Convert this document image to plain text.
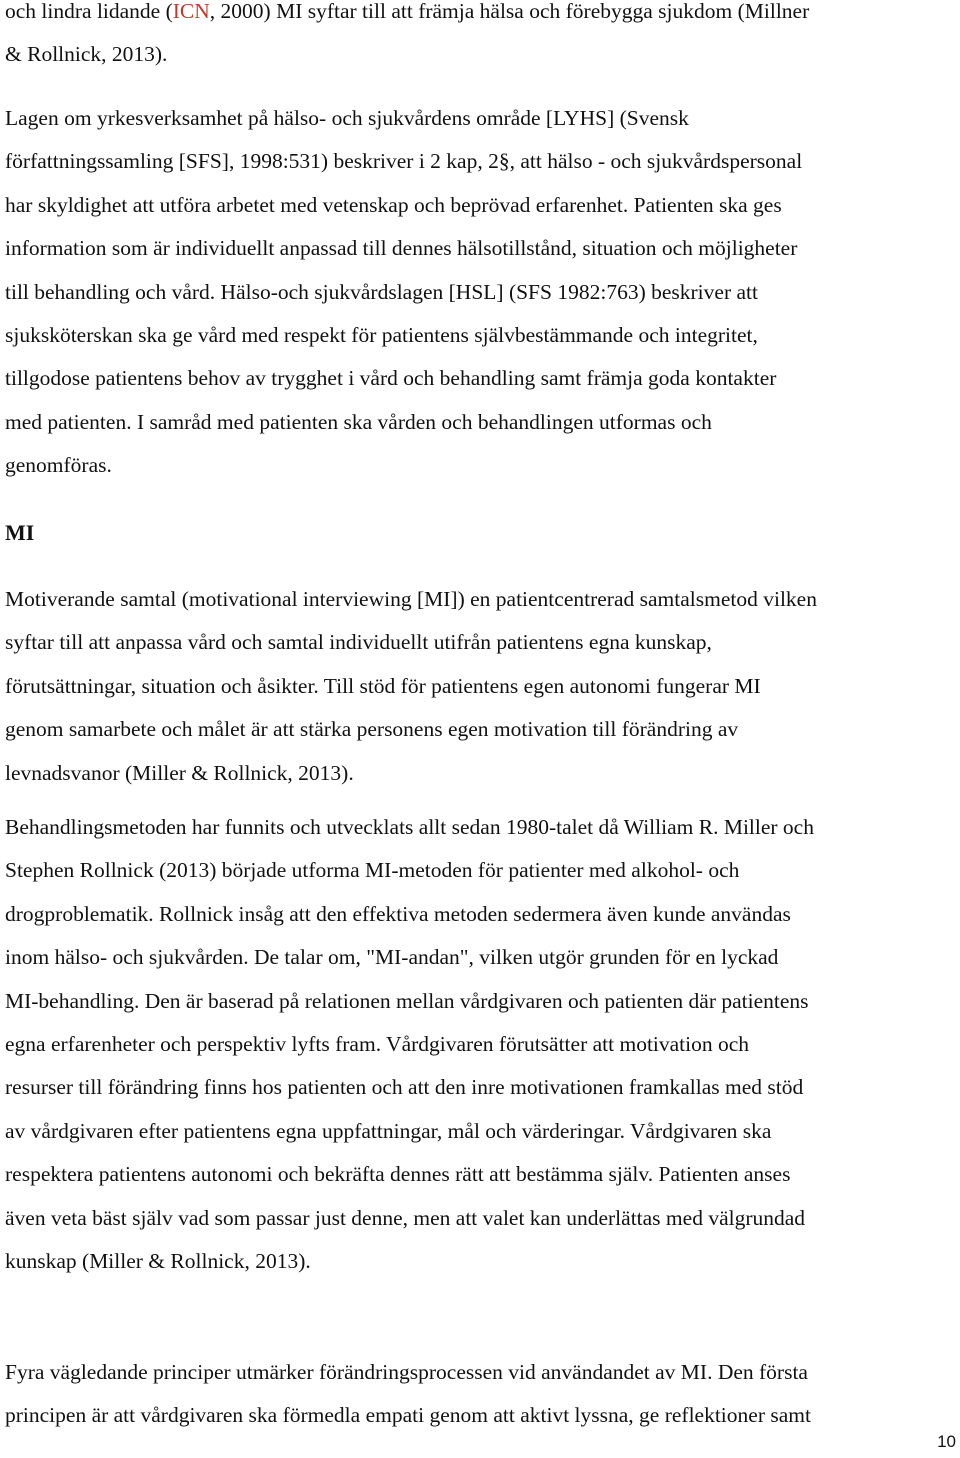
och lindra lidande (ICN, 2000) MI syftar till att främja hälsa och förebygga sjukdom (Millner
& Rollnick, 2013).
Lagen om yrkesverksamhet på hälso- och sjukvårdens område [LYHS] (Svensk
författningssamling [SFS], 1998:531) beskriver i 2 kap, 2§, att hälso - och sjukvårdspersonal
har skyldighet att utföra arbetet med vetenskap och beprövad erfarenhet. Patienten ska ges
information som är individuellt anpassad till dennes hälsotillstånd, situation och möjligheter
till behandling och vård. Hälso-och sjukvårdslagen [HSL] (SFS 1982:763) beskriver att
sjuksköterskan ska ge vård med respekt för patientens självbestämmande och integritet,
tillgodose patientens behov av trygghet i vård och behandling samt främja goda kontakter
med patienten. I samråd med patienten ska vården och behandlingen utformas och
genomföras.
MI
Motiverande samtal (motivational interviewing [MI]) en patientcentrerad samtalsmetod vilken
syftar till att anpassa vård och samtal individuellt utifrån patientens egna kunskap,
förutsättningar, situation och åsikter. Till stöd för patientens egen autonomi fungerar MI
genom samarbete och målet är att stärka personens egen motivation till förändring av
levnadsvanor (Miller & Rollnick, 2013).
Behandlingsmetoden har funnits och utvecklats allt sedan 1980-talet då William R. Miller och
Stephen Rollnick (2013) började utforma MI-metoden för patienter med alkohol- och
drogproblematik. Rollnick insåg att den effektiva metoden sedermera även kunde användas
inom hälso- och sjukvården. De talar om, "MI-andan", vilken utgör grunden för en lyckad
MI-behandling. Den är baserad på relationen mellan vårdgivaren och patienten där patientens
egna erfarenheter och perspektiv lyfts fram. Vårdgivaren förutsätter att motivation och
resurser till förändring finns hos patienten och att den inre motivationen framkallas med stöd
av vårdgivaren efter patientens egna uppfattningar, mål och värderingar. Vårdgivaren ska
respektera patientens autonomi och bekräfta dennes rätt att bestämma själv. Patienten anses
även veta bäst själv vad som passar just denne, men att valet kan underlättas med välgrundad
kunskap (Miller & Rollnick, 2013).
Fyra vägledande principer utmärker förändringsprocessen vid användandet av MI. Den första
principen är att vårdgivaren ska förmedla empati genom att aktivt lyssna, ge reflektioner samt
10
